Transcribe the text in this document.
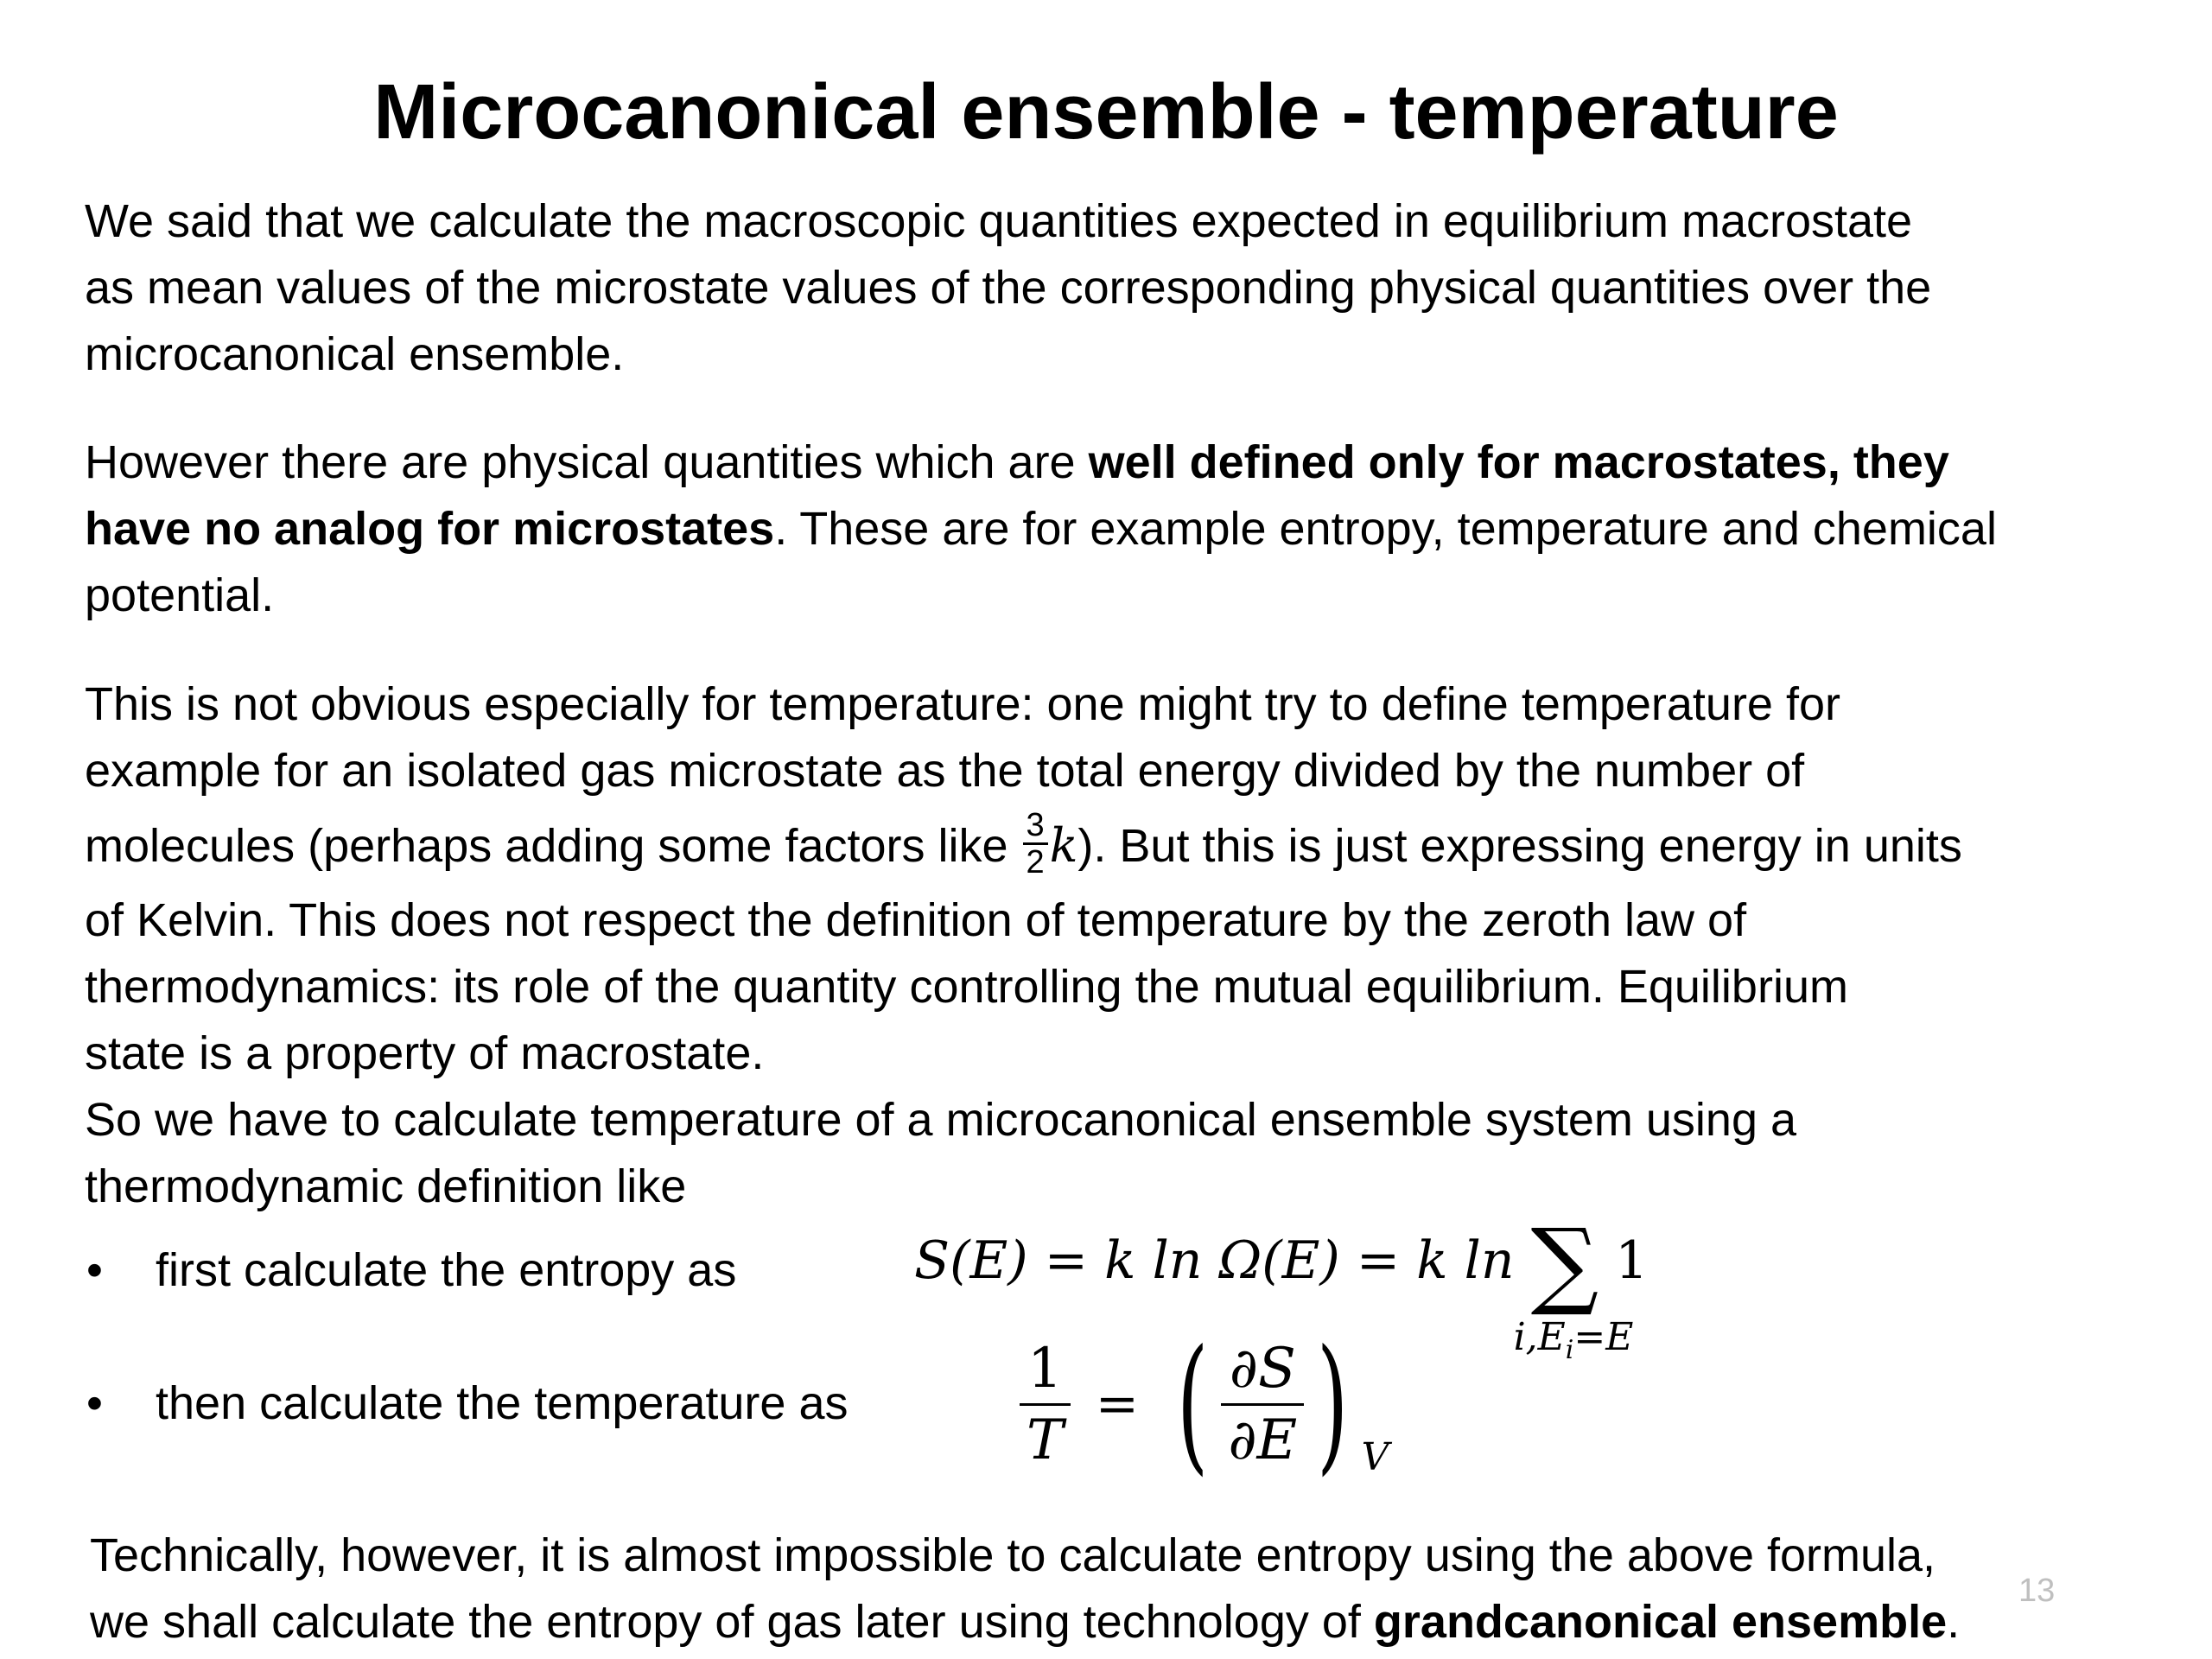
Microcanonical ensemble - temperature
We said that we calculate the macroscopic quantities expected in equilibrium macrostate
as mean values of the microstate values of the corresponding physical quantities over the
microcanonical ensemble.
However there are physical quantities which are well defined only for macrostates, they
have no analog for microstates. These are for example entropy, temperature and chemical
potential.
This is not obvious especially for temperature: one might try to define temperature for
example for an isolated gas microstate as the total energy divided by the number of
molecules (perhaps adding some factors like $\frac{3}{2} k$). But this is just expressing energy in units
of Kelvin. This does not respect the definition of temperature by the zeroth law of
thermodynamics: its role of the quantity controlling the mutual equilibrium. Equilibrium
state is a property of macrostate.
So we have to calculate temperature of a microcanonical ensemble system using a
thermodynamic definition like
• first calculate the entropy as	S(E) = k ln Ω(E) = k ln ∑
$i,E_i=E$
1
• then calculate the temperature as	$\frac{1}{T}$ = ( $\frac{\partial S}{\partial E}$ ) $_V$
Technically, however, it is almost impossible to calculate entropy using the above formula,
we shall calculate the entropy of gas later using technology of grandcanonical ensemble.
13
